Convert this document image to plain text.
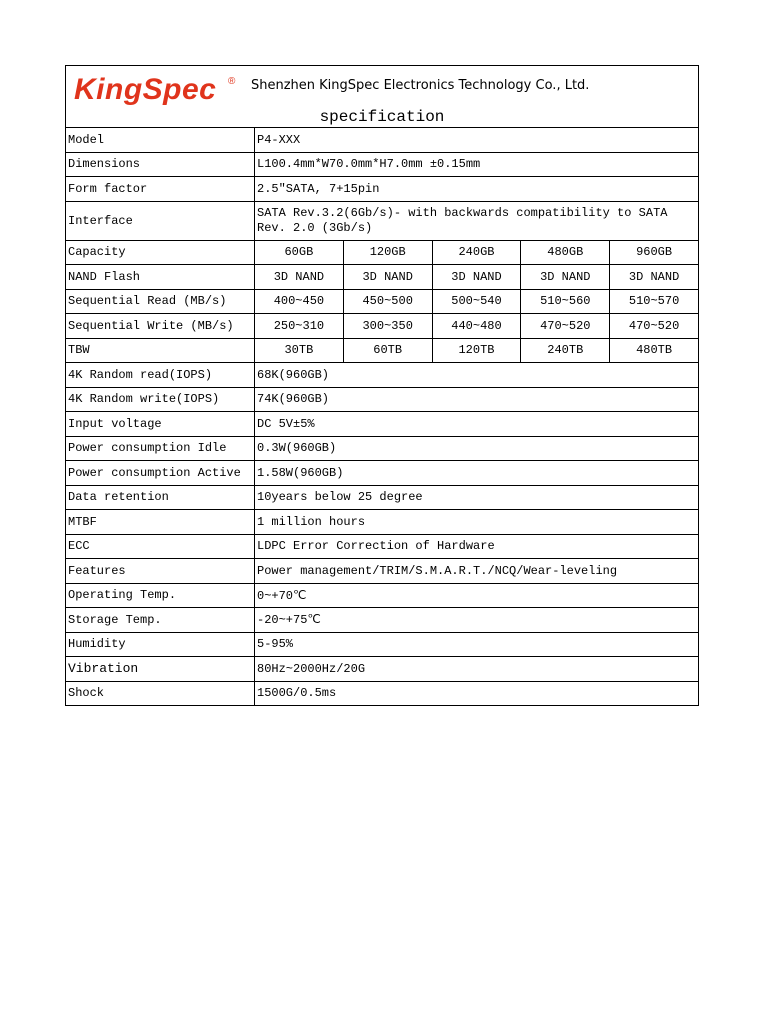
KingSpec ® Shenzhen KingSpec Electronics Technology Co., Ltd.
specification
Model	P4-XXX				
Dimensions	L100.4mm*W70.0mm*H7.0mm ±0.15mm				
Form factor	2.5"SATA, 7+15pin				
Interface	SATA Rev.3.2(6Gb/s)- with backwards compatibility to SATA Rev. 2.0 (3Gb/s)				
Capacity	60GB	120GB	240GB	480GB	960GB
NAND Flash	3D NAND	3D NAND	3D NAND	3D NAND	3D NAND
Sequential Read (MB/s)	400~450	450~500	500~540	510~560	510~570
Sequential Write (MB/s)	250~310	300~350	440~480	470~520	470~520
TBW	30TB	60TB	120TB	240TB	480TB
4K Random read(IOPS)	68K(960GB)				
4K Random write(IOPS)	74K(960GB)				
Input voltage	DC 5V±5%				
Power consumption Idle	0.3W(960GB)				
Power consumption Active	1.58W(960GB)				
Data retention	10years below 25 degree				
MTBF	1 million hours				
ECC	LDPC Error Correction of Hardware				
Features	Power management/TRIM/S.M.A.R.T./NCQ/Wear-leveling				
Operating Temp.	0~+70℃				
Storage Temp.	-20~+75℃				
Humidity	5-95%				
Vibration	80Hz~2000Hz/20G				
Shock	1500G/0.5ms				
